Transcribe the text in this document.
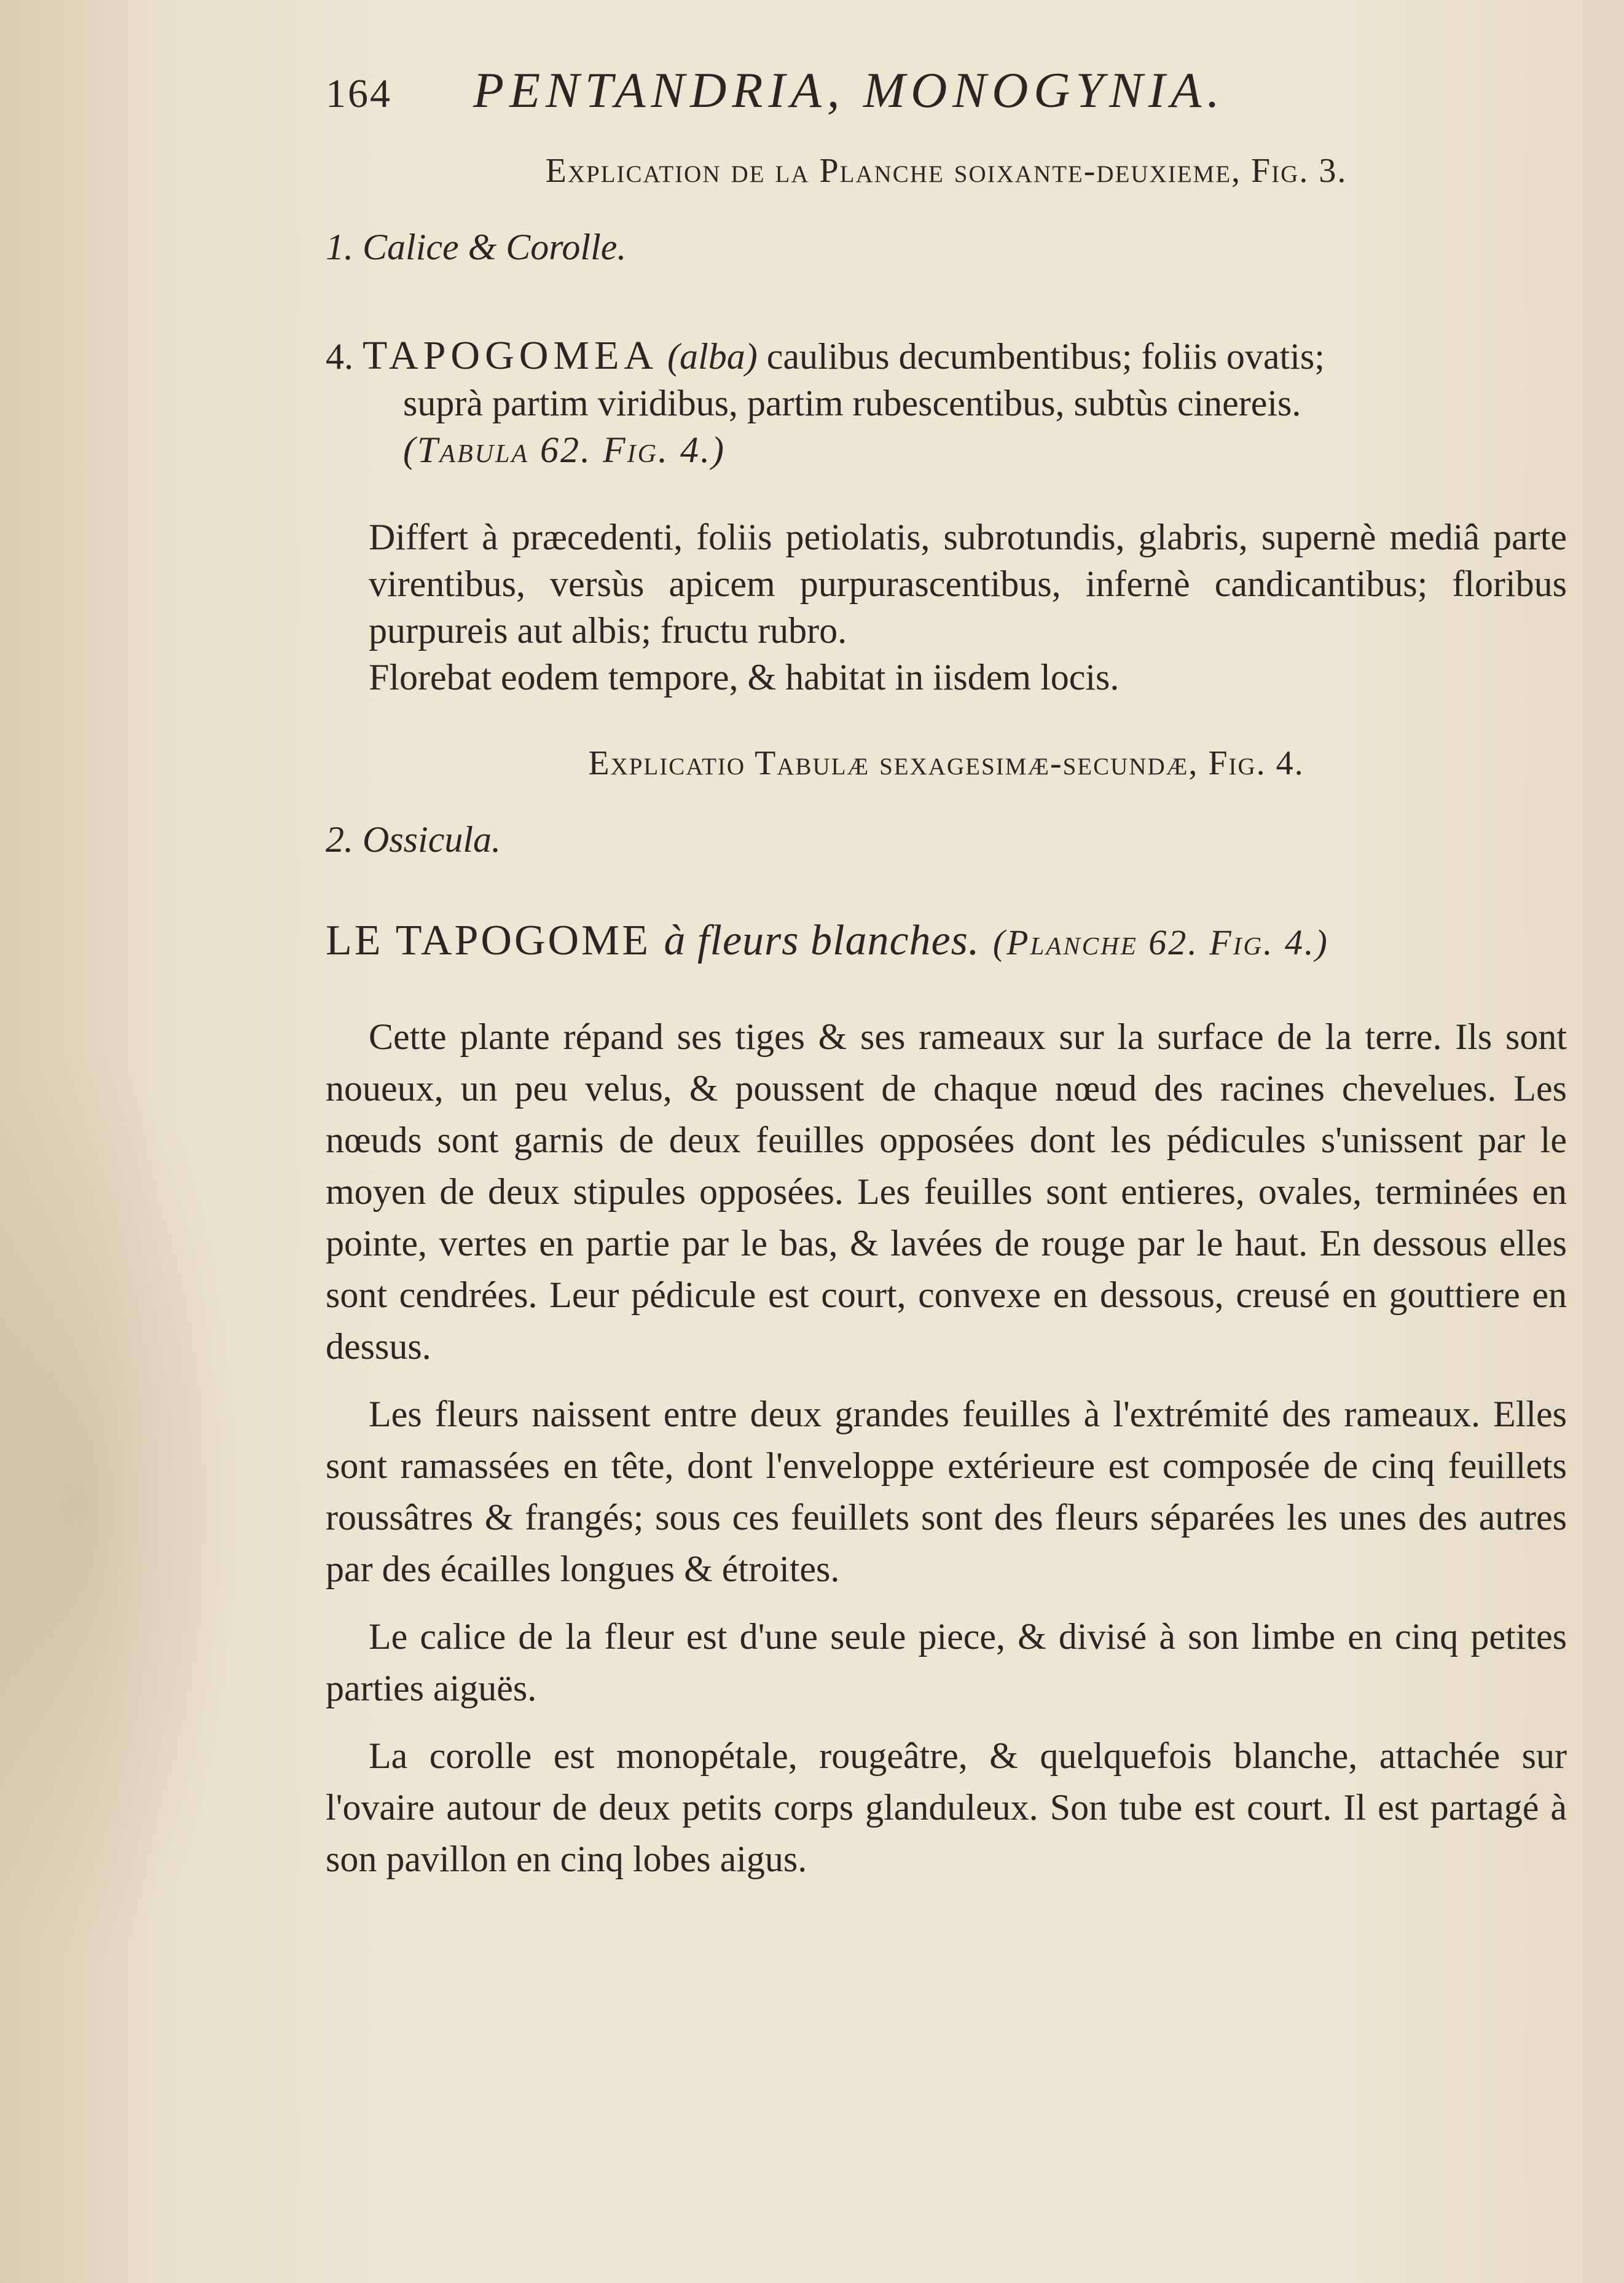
164	PENTANDRIA, MONOGYNIA.
Explication de la Planche soixante-deuxieme, Fig. 3.
1. Calice & Corolle.
4. TAPOGOMEA (alba) caulibus decumbentibus; foliis ovatis;
suprà partim viridibus, partim rubescentibus, subtùs cinereis.
(Tabula 62. Fig. 4.)
Differt à præcedenti, foliis petiolatis, subrotundis, glabris, supernè mediâ parte virentibus, versùs apicem purpurascentibus, infernè candicantibus; floribus purpureis aut albis; fructu rubro.
Florebat eodem tempore, & habitat in iisdem locis.
Explicatio Tabulæ sexagesimæ-secundæ, Fig. 4.
2. Ossicula.
LE TAPOGOME à fleurs blanches. (Planche 62. Fig. 4.)

Cette plante répand ses tiges & ses rameaux sur la surface de la terre. Ils sont noueux, un peu velus, & poussent de chaque nœud des racines chevelues. Les nœuds sont garnis de deux feuilles opposées dont les pédicules s'unissent par le moyen de deux stipules opposées. Les feuilles sont entieres, ovales, terminées en pointe, vertes en partie par le bas, & lavées de rouge par le haut. En dessous elles sont cendrées. Leur pédicule est court, convexe en dessous, creusé en gouttiere en dessus.

Les fleurs naissent entre deux grandes feuilles à l'extrémité des rameaux. Elles sont ramassées en tête, dont l'enveloppe extérieure est composée de cinq feuillets roussâtres & frangés; sous ces feuillets sont des fleurs séparées les unes des autres par des écailles longues & étroites.

Le calice de la fleur est d'une seule piece, & divisé à son limbe en cinq petites parties aiguës.

La corolle est monopétale, rougeâtre, & quelquefois blanche, attachée sur l'ovaire autour de deux petits corps glanduleux. Son tube est court. Il est partagé à son pavillon en cinq lobes aigus.
